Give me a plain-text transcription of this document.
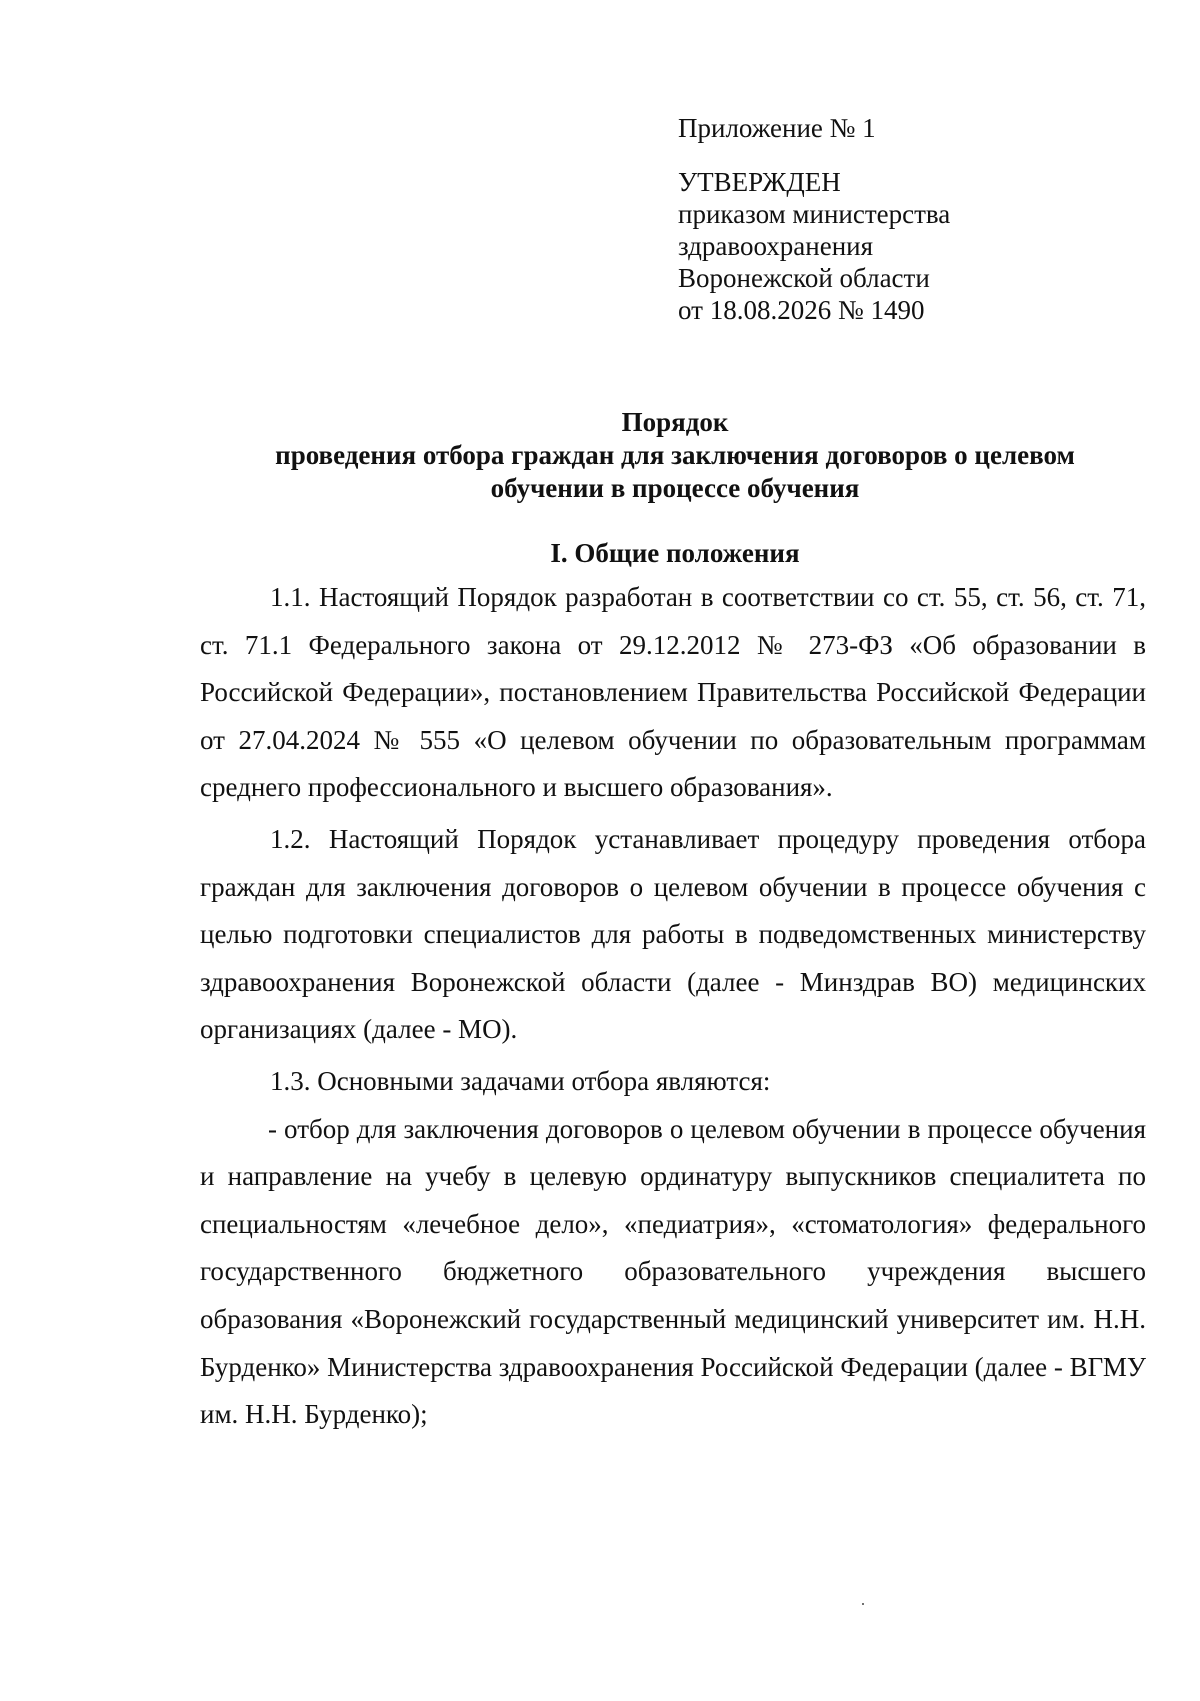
Приложение № 1
УТВЕРЖДЕН
приказом министерства
здравоохранения
Воронежской области
от 18.08.2026 № 1490
Порядок
проведения отбора граждан для заключения договоров о целевом
обучении в процессе обучения
I. Общие положения

1.1. Настоящий Порядок разработан в соответствии со ст. 55, ст. 56, ст. 71, ст. 71.1 Федерального закона от 29.12.2012 № 273-ФЗ «Об образовании в Российской Федерации», постановлением Правительства Российской Федерации от 27.04.2024 № 555 «О целевом обучении по образовательным программам среднего профессионального и высшего образования».

1.2. Настоящий Порядок устанавливает процедуру проведения отбора граждан для заключения договоров о целевом обучении в процессе обучения с целью подготовки специалистов для работы в подведомственных министерству здравоохранения Воронежской области (далее - Минздрав ВО) медицинских организациях (далее - МО).

1.3. Основными задачами отбора являются:

- отбор для заключения договоров о целевом обучении в процессе обучения и направление на учебу в целевую ординатуру выпускников специалитета по специальностям «лечебное дело», «педиатрия», «стоматология» федерального государственного бюджетного образовательного учреждения высшего образования «Воронежский государственный медицинский университет им. Н.Н. Бурденко» Министерства здравоохранения Российской Федерации (далее - ВГМУ им. Н.Н. Бурденко);
